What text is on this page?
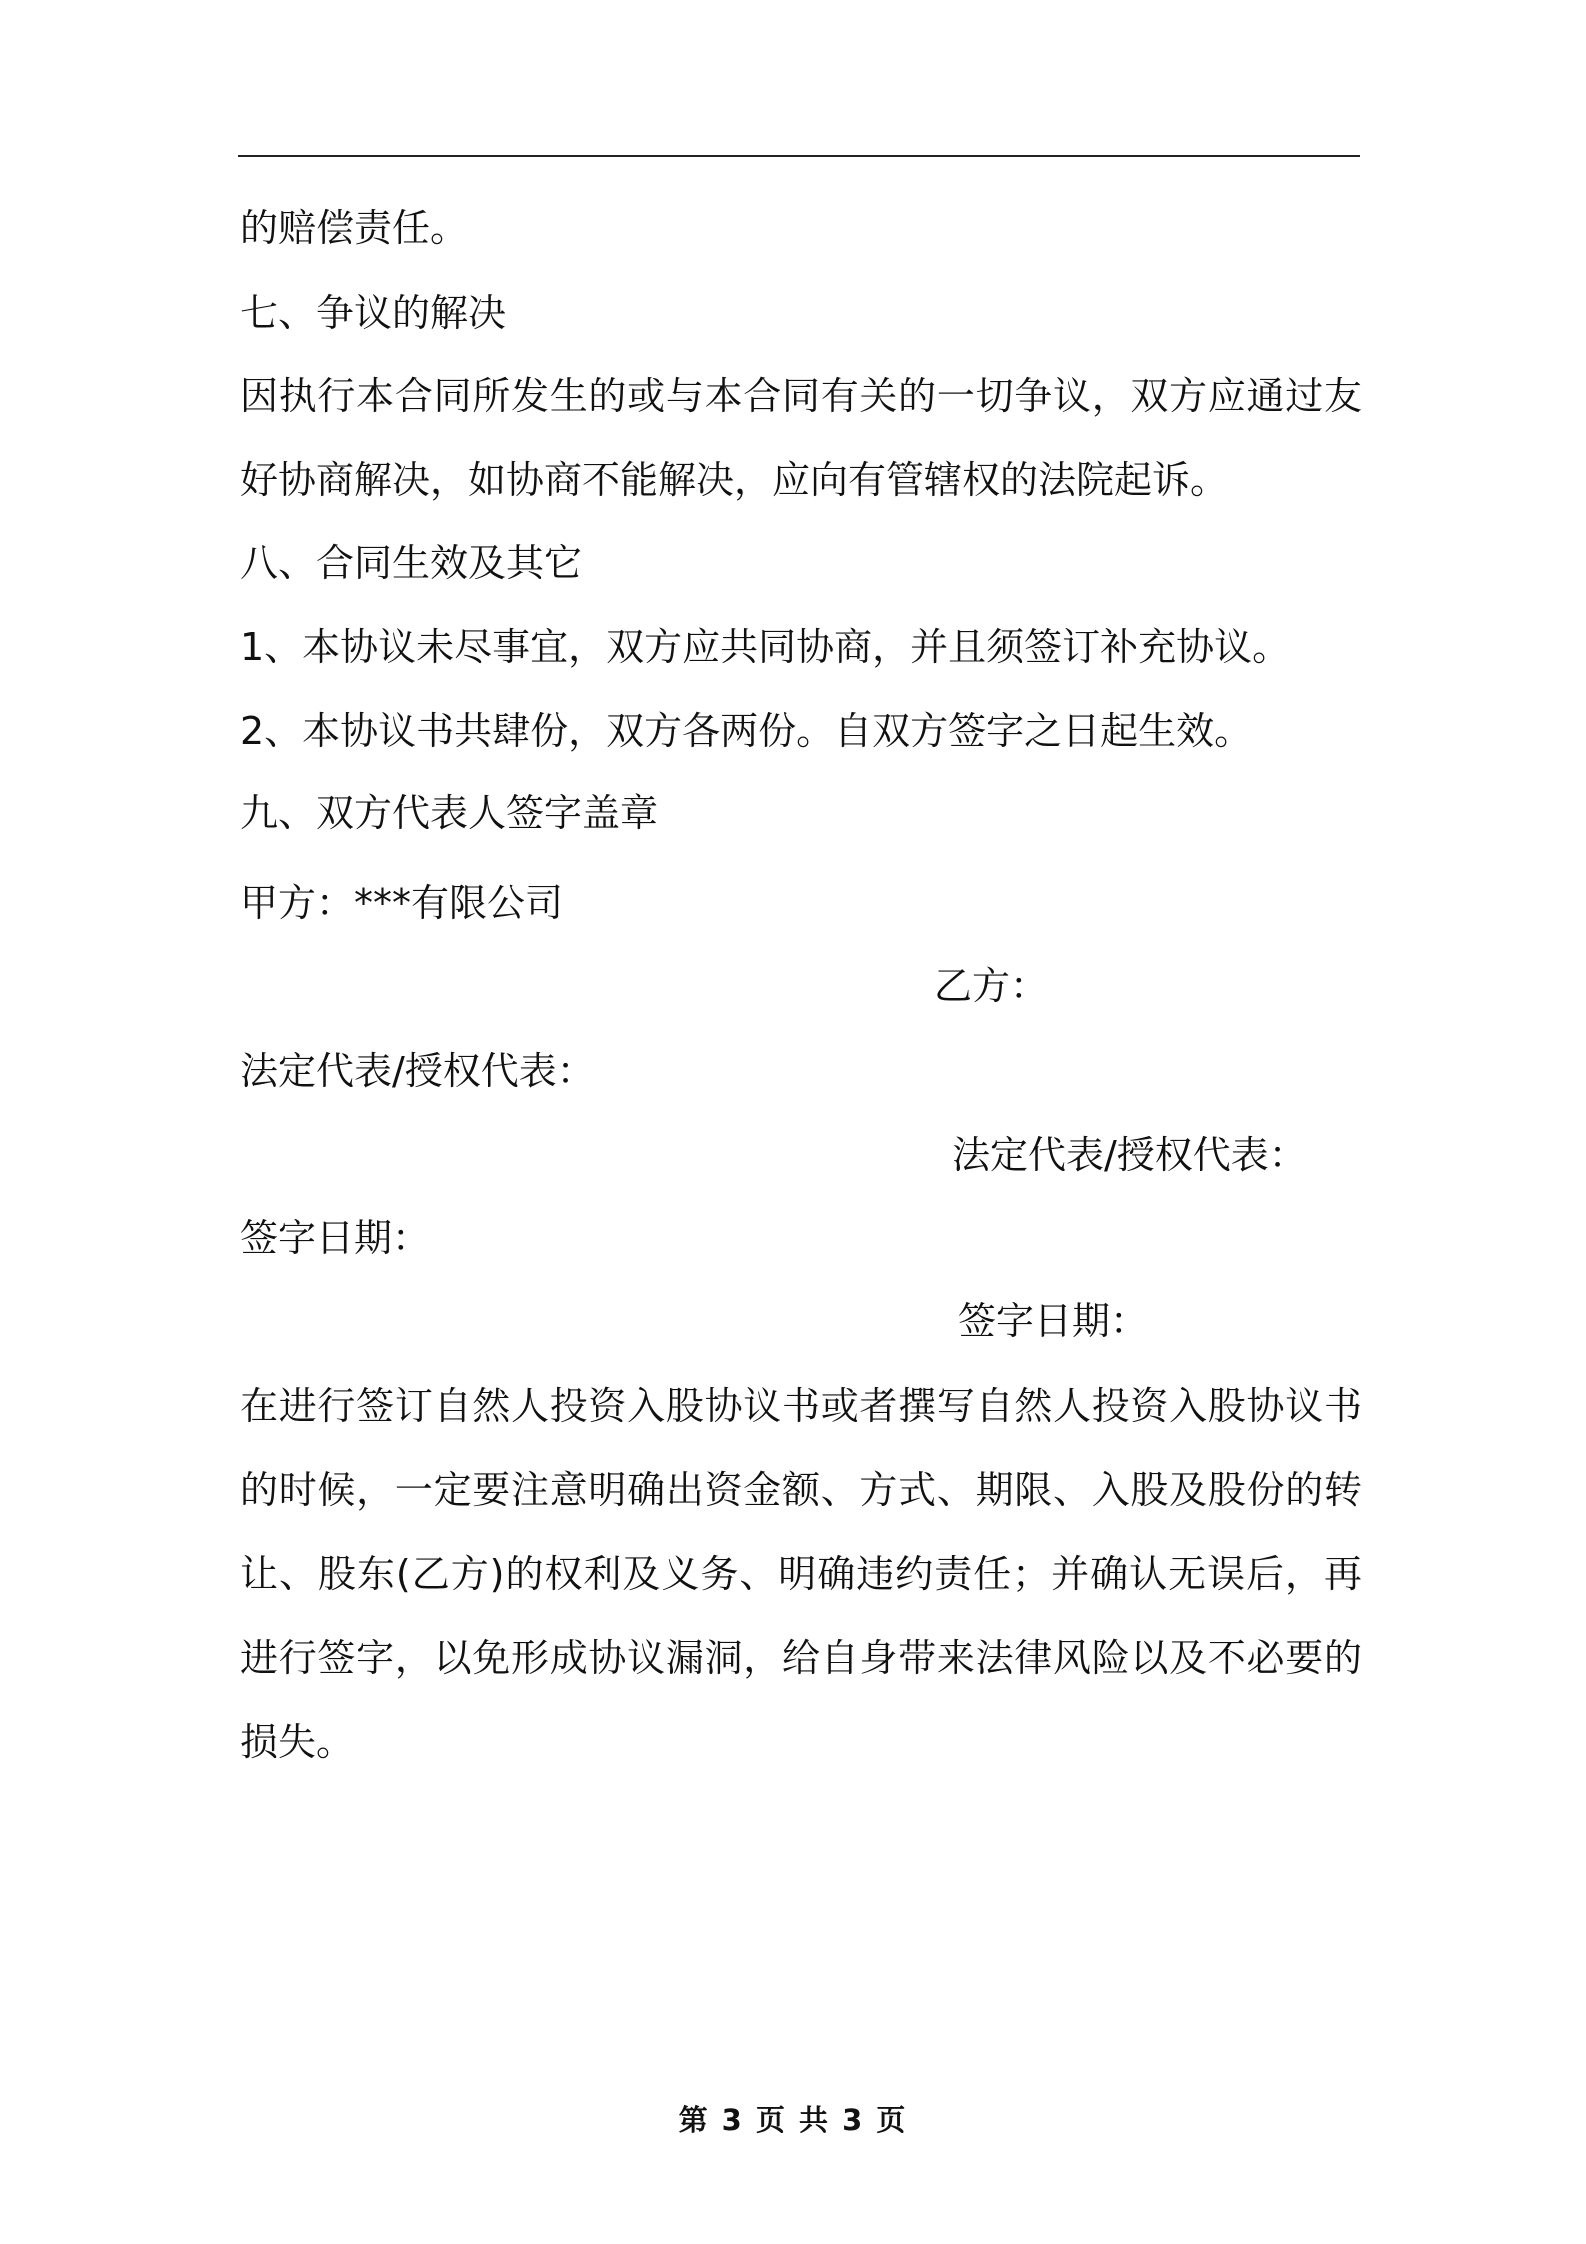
的赔偿责任。
七、争议的解决
因执行本合同所发生的或与本合同有关的一切争议，双方应通过友好协商解决，如协商不能解决，应向有管辖权的法院起诉。
八、合同生效及其它
1、本协议未尽事宜，双方应共同协商，并且须签订补充协议。
2、本协议书共肆份，双方各两份。自双方签字之日起生效。
九、双方代表人签字盖章
甲方：***有限公司
乙方：
法定代表/授权代表：
法定代表/授权代表：
签字日期：
签字日期：
在进行签订自然人投资入股协议书或者撰写自然人投资入股协议书的时候，一定要注意明确出资金额、方式、期限、入股及股份的转让、股东(乙方)的权利及义务、明确违约责任；并确认无误后，再进行签字，以免形成协议漏洞，给自身带来法律风险以及不必要的损失。
第 3 页 共 3 页
